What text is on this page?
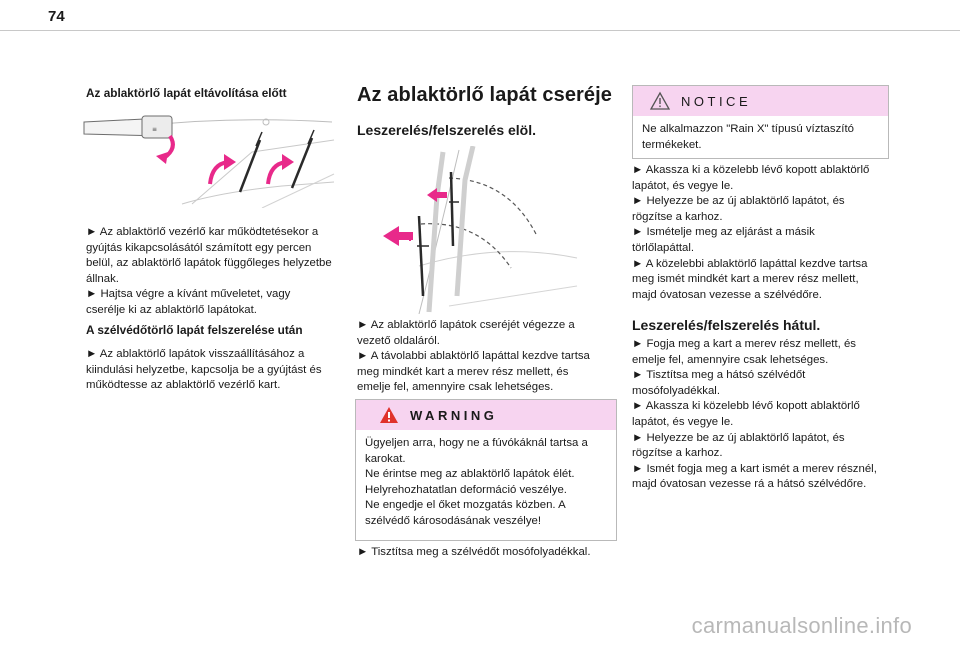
74

Az ablaktörlő lapát eltávolítása előtt

≡
► Az ablaktörlő vezérlő kar működtetésekor a
gyújtás kikapcsolásától számított egy percen
belül, az ablaktörlő lapátok függőleges helyzetbe
állnak.
► Hajtsa végre a kívánt műveletet, vagy
cserélje ki az ablaktörlő lapátokat.

A szélvédőtörlő lapát felszerelése után

► Az ablaktörlő lapátok visszaállításához a
kiindulási helyzetbe, kapcsolja be a gyújtást és
működtesse az ablaktörlő vezérlő kart.

Az ablaktörlő lapát cseréje

Leszerelés/felszerelés elöl.

► Az ablaktörlő lapátok cseréjét végezze a
vezető oldaláról.
► A távolabbi ablaktörlő lapáttal kezdve tartsa
meg mindkét kart a merev rész mellett, és
emelje fel, amennyire csak lehetséges.
WARNING
Ügyeljen arra, hogy ne a fúvókáknál tartsa a
karokat.
Ne érintse meg az ablaktörlő lapátok élét.
Helyrehozhatatlan deformáció veszélye.
Ne engedje el őket mozgatás közben. A
szélvédő károsodásának veszélye!
► Tisztítsa meg a szélvédőt mosófolyadékkal.
NOTICE
Ne alkalmazzon "Rain X" típusú víztaszító
termékeket.
► Akassza ki a közelebb lévő kopott ablaktörlő
lapátot, és vegye le.
► Helyezze be az új ablaktörlő lapátot, és
rögzítse a karhoz.
► Ismételje meg az eljárást a másik
törlőlapáttal.
► A közelebbi ablaktörlő lapáttal kezdve tartsa
meg ismét mindkét kart a merev rész mellett,
majd óvatosan vezesse a szélvédőre.

Leszerelés/felszerelés hátul.

► Fogja meg a kart a merev rész mellett, és
emelje fel, amennyire csak lehetséges.
► Tisztítsa meg a hátsó szélvédőt
mosófolyadékkal.
► Akassza ki közelebb lévő kopott ablaktörlő
lapátot, és vegye le.
► Helyezze be az új ablaktörlő lapátot, és
rögzítse a karhoz.
► Ismét fogja meg a kart ismét a merev résznél,
majd óvatosan vezesse rá a hátsó szélvédőre.
carmanualsonline.info
